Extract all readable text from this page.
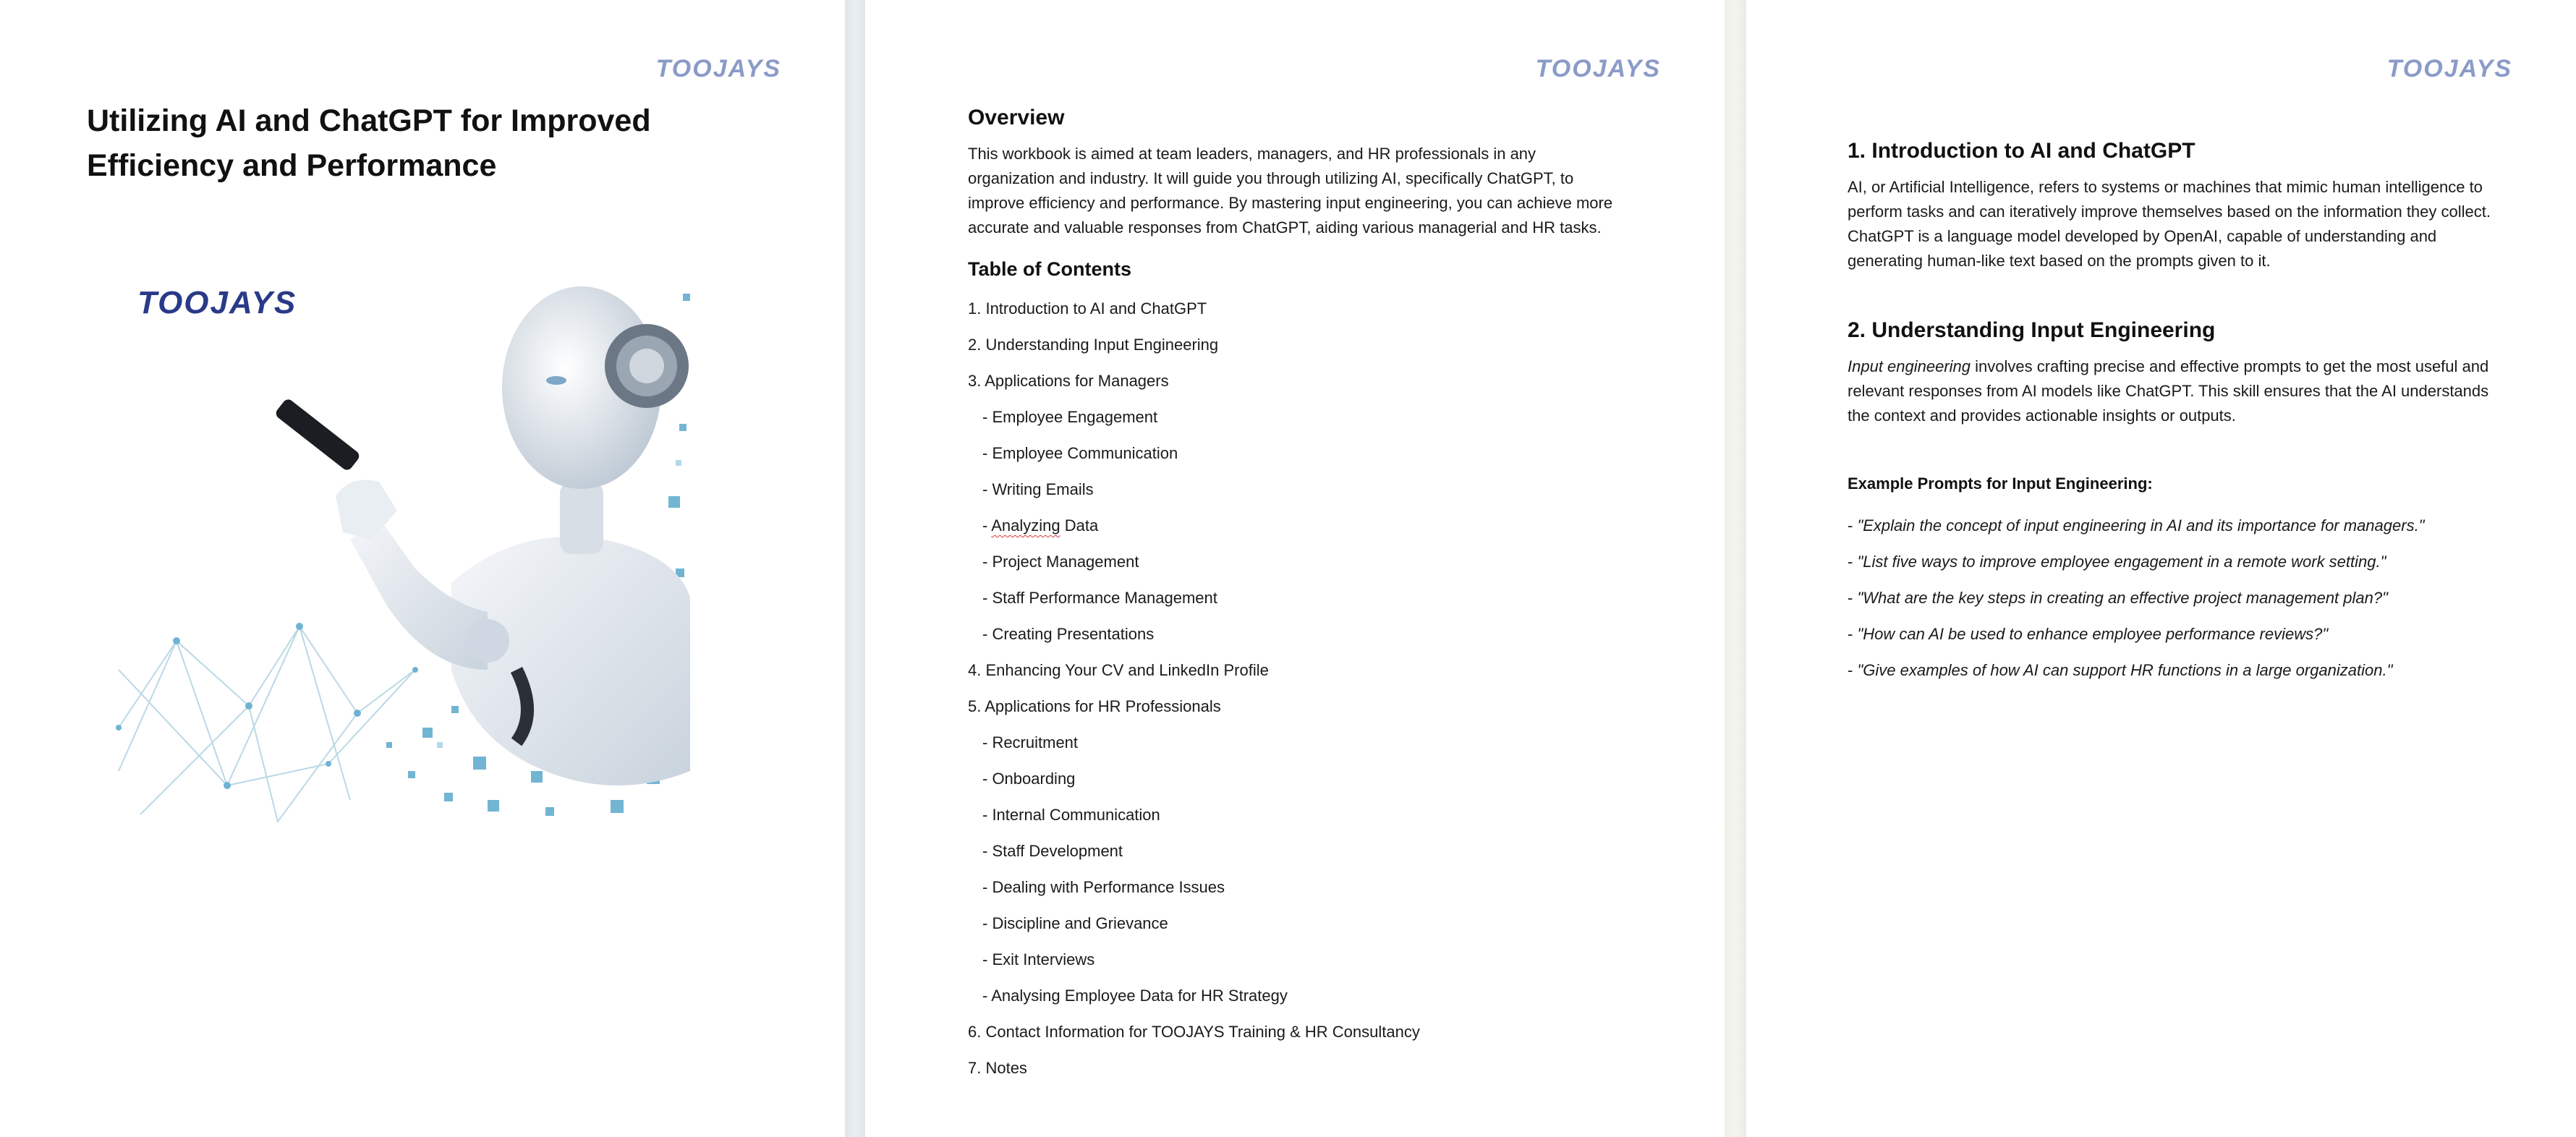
TOOJAYS
Utilizing AI and ChatGPT for Improved Efficiency and Performance
TOOJAYS
TOOJAYS
Overview

This workbook is aimed at team leaders, managers, and HR professionals in any organization and industry. It will guide you through utilizing AI, specifically ChatGPT, to improve efficiency and performance. By mastering input engineering, you can achieve more accurate and valuable responses from ChatGPT, aiding various managerial and HR tasks.

Table of Contents
1. Introduction to AI and ChatGPT
2. Understanding Input Engineering
3. Applications for Managers
- Employee Engagement
- Employee Communication
- Writing Emails
- Analyzing Data
- Project Management
- Staff Performance Management
- Creating Presentations
4. Enhancing Your CV and LinkedIn Profile
5. Applications for HR Professionals
- Recruitment
- Onboarding
- Internal Communication
- Staff Development
- Dealing with Performance Issues
- Discipline and Grievance
- Exit Interviews
- Analysing Employee Data for HR Strategy
6. Contact Information for TOOJAYS Training & HR Consultancy
7. Notes
TOOJAYS
1. Introduction to AI and ChatGPT

AI, or Artificial Intelligence, refers to systems or machines that mimic human intelligence to perform tasks and can iteratively improve themselves based on the information they collect. ChatGPT is a language model developed by OpenAI, capable of understanding and generating human-like text based on the prompts given to it.

2. Understanding Input Engineering

Input engineering involves crafting precise and effective prompts to get the most useful and relevant responses from AI models like ChatGPT. This skill ensures that the AI understands the context and provides actionable insights or outputs.

Example Prompts for Input Engineering:
- "Explain the concept of input engineering in AI and its importance for managers."
- "List five ways to improve employee engagement in a remote work setting."
- "What are the key steps in creating an effective project management plan?"
- "How can AI be used to enhance employee performance reviews?"
- "Give examples of how AI can support HR functions in a large organization."
